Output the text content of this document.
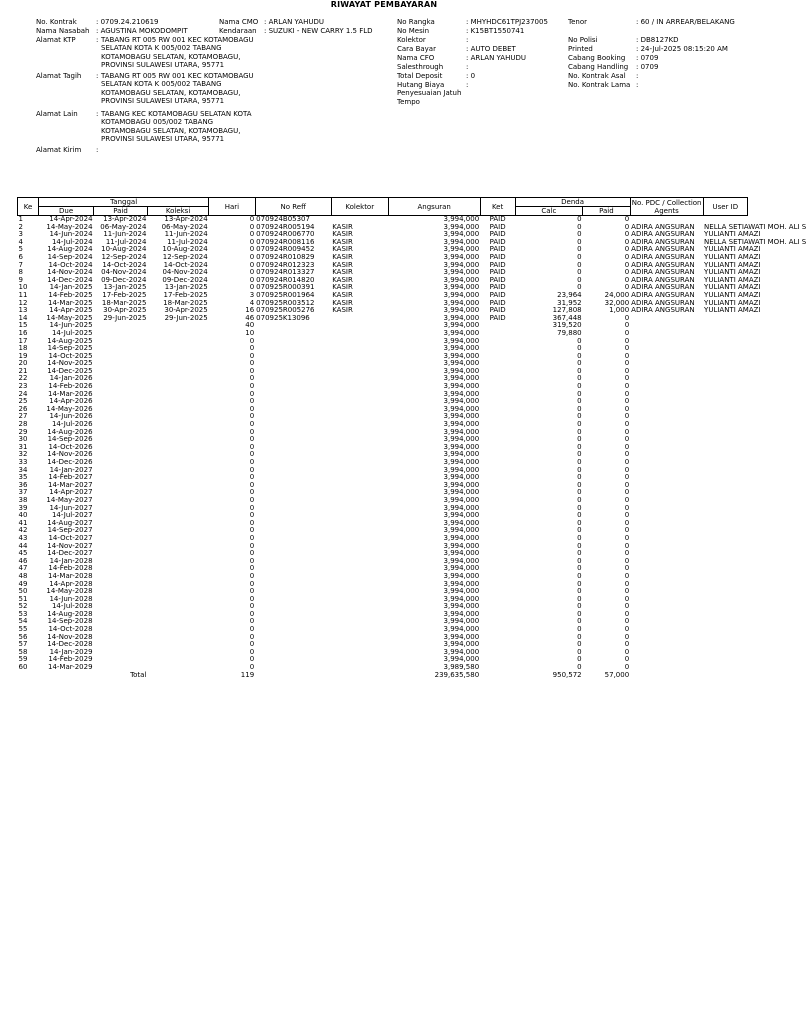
RIWAYAT PEMBAYARAN
No. Kontrak	: 0709.24.210619
Nama Nasabah : AGUSTINA MOKODOMPIT
Alamat KTP	: TABANG RT 005 RW 001 KEC KOTAMOBAGU SELATAN KOTA K 005/002 TABANG KOTAMOBAGU SELATAN, KOTAMOBAGU, PROVINSI SULAWESI UTARA, 95771
Alamat Tagih : TABANG RT 005 RW 001 KEC KOTAMOBAGU SELATAN KOTA K 005/002 TABANG KOTAMOBAGU SELATAN, KOTAMOBAGU, PROVINSI SULAWESI UTARA, 95771
Alamat Lain	: TABANG KEC KOTAMOBAGU SELATAN KOTA KOTAMOBAGU 005/002 TABANG KOTAMOBAGU SELATAN, KOTAMOBAGU, PROVINSI SULAWESI UTARA, 95771
Alamat Kirim :
Nama CMO : ARLAN YAHUDU
Kendaraan : SUZUKI - NEW CARRY 1.5 FLD
No Rangka	: MHYHDC61TPJ237005
No Mesin	: K15BT1550741
Kolektor	:
Cara Bayar	: AUTO DEBET
Nama CFO	: ARLAN YAHUDU
Salesthrough	:
Total Deposit	: 0
Hutang Biaya Penyesuaian Jatuh Tempo
:
Tenor	: 60 / IN ARREAR/BELAKANG
No Polisi	: DB8127KD
Printed	: 24-Jul-2025 08:15:20 AM
Cabang Booking : 0709
Cabang Handling : 0709
No. Kontrak Asal :
No. Kontrak Lama :
Ke	Tanggal			Hari	No Reff	Kolektor	Angsuran	Ket	Denda		No. PDC / Collection Agents	User ID
	Due	Paid	Koleksi						Calc	Paid		
1	14-Apr-2024	13-Apr-2024	13-Apr-2024	0	070924B05307		3,994,000	PAID	0	0		
2	14-May-2024	06-May-2024	06-May-2024	0	070924R005194	KASIR	3,994,000	PAID	0	0	ADIRA ANGSURAN	NELLA SETIAWATI MOH. ALI S
3	14-Jun-2024	11-Jun-2024	11-Jun-2024	0	070924R006770	KASIR	3,994,000	PAID	0	0	ADIRA ANGSURAN	YULIANTI AMAZI
4	14-Jul-2024	11-Jul-2024	11-Jul-2024	0	070924R008116	KASIR	3,994,000	PAID	0	0	ADIRA ANGSURAN	NELLA SETIAWATI MOH. ALI S
5	14-Aug-2024	10-Aug-2024	10-Aug-2024	0	070924R009452	KASIR	3,994,000	PAID	0	0	ADIRA ANGSURAN	YULIANTI AMAZI
6	14-Sep-2024	12-Sep-2024	12-Sep-2024	0	070924R010829	KASIR	3,994,000	PAID	0	0	ADIRA ANGSURAN	YULIANTI AMAZI
7	14-Oct-2024	14-Oct-2024	14-Oct-2024	0	070924R012323	KASIR	3,994,000	PAID	0	0	ADIRA ANGSURAN	YULIANTI AMAZI
8	14-Nov-2024	04-Nov-2024	04-Nov-2024	0	070924R013327	KASIR	3,994,000	PAID	0	0	ADIRA ANGSURAN	YULIANTI AMAZI
9	14-Dec-2024	09-Dec-2024	09-Dec-2024	0	070924R014820	KASIR	3,994,000	PAID	0	0	ADIRA ANGSURAN	YULIANTI AMAZI
10	14-Jan-2025	13-Jan-2025	13-Jan-2025	0	070925R000391	KASIR	3,994,000	PAID	0	0	ADIRA ANGSURAN	YULIANTI AMAZI
11	14-Feb-2025	17-Feb-2025	17-Feb-2025	3	070925R001964	KASIR	3,994,000	PAID	23,964	24,000	ADIRA ANGSURAN	YULIANTI AMAZI
12	14-Mar-2025	18-Mar-2025	18-Mar-2025	4	070925R003512	KASIR	3,994,000	PAID	31,952	32,000	ADIRA ANGSURAN	YULIANTI AMAZI
13	14-Apr-2025	30-Apr-2025	30-Apr-2025	16	070925R005276	KASIR	3,994,000	PAID	127,808	1,000	ADIRA ANGSURAN	YULIANTI AMAZI
14	14-May-2025	29-Jun-2025	29-Jun-2025	46	070925K13096		3,994,000	PAID	367,448	0		
15	14-Jun-2025			40			3,994,000		319,520	0		
16	14-Jul-2025			10			3,994,000		79,880	0		
17	14-Aug-2025			0			3,994,000		0	0		
18	14-Sep-2025			0			3,994,000		0	0		
19	14-Oct-2025			0			3,994,000		0	0		
20	14-Nov-2025			0			3,994,000		0	0		
21	14-Dec-2025			0			3,994,000		0	0		
22	14-Jan-2026			0			3,994,000		0	0		
23	14-Feb-2026			0			3,994,000		0	0		
24	14-Mar-2026			0			3,994,000		0	0		
25	14-Apr-2026			0			3,994,000		0	0		
26	14-May-2026			0			3,994,000		0	0		
27	14-Jun-2026			0			3,994,000		0	0		
28	14-Jul-2026			0			3,994,000		0	0		
29	14-Aug-2026			0			3,994,000		0	0		
30	14-Sep-2026			0			3,994,000		0	0		
31	14-Oct-2026			0			3,994,000		0	0		
32	14-Nov-2026			0			3,994,000		0	0		
33	14-Dec-2026			0			3,994,000		0	0		
34	14-Jan-2027			0			3,994,000		0	0		
35	14-Feb-2027			0			3,994,000		0	0		
36	14-Mar-2027			0			3,994,000		0	0		
37	14-Apr-2027			0			3,994,000		0	0		
38	14-May-2027			0			3,994,000		0	0		
39	14-Jun-2027			0			3,994,000		0	0		
40	14-Jul-2027			0			3,994,000		0	0		
41	14-Aug-2027			0			3,994,000		0	0		
42	14-Sep-2027			0			3,994,000		0	0		
43	14-Oct-2027			0			3,994,000		0	0		
44	14-Nov-2027			0			3,994,000		0	0		
45	14-Dec-2027			0			3,994,000		0	0		
46	14-Jan-2028			0			3,994,000		0	0		
47	14-Feb-2028			0			3,994,000		0	0		
48	14-Mar-2028			0			3,994,000		0	0		
49	14-Apr-2028			0			3,994,000		0	0		
50	14-May-2028			0			3,994,000		0	0		
51	14-Jun-2028			0			3,994,000		0	0		
52	14-Jul-2028			0			3,994,000		0	0		
53	14-Aug-2028			0			3,994,000		0	0		
54	14-Sep-2028			0			3,994,000		0	0		
55	14-Oct-2028			0			3,994,000		0	0		
56	14-Nov-2028			0			3,994,000		0	0		
57	14-Dec-2028			0			3,994,000		0	0		
58	14-Jan-2029			0			3,994,000		0	0		
59	14-Feb-2029			0			3,994,000		0	0		
60	14-Mar-2029			0			3,989,580		0	0		
		Total		119			239,635,580		950,572	57,000		
